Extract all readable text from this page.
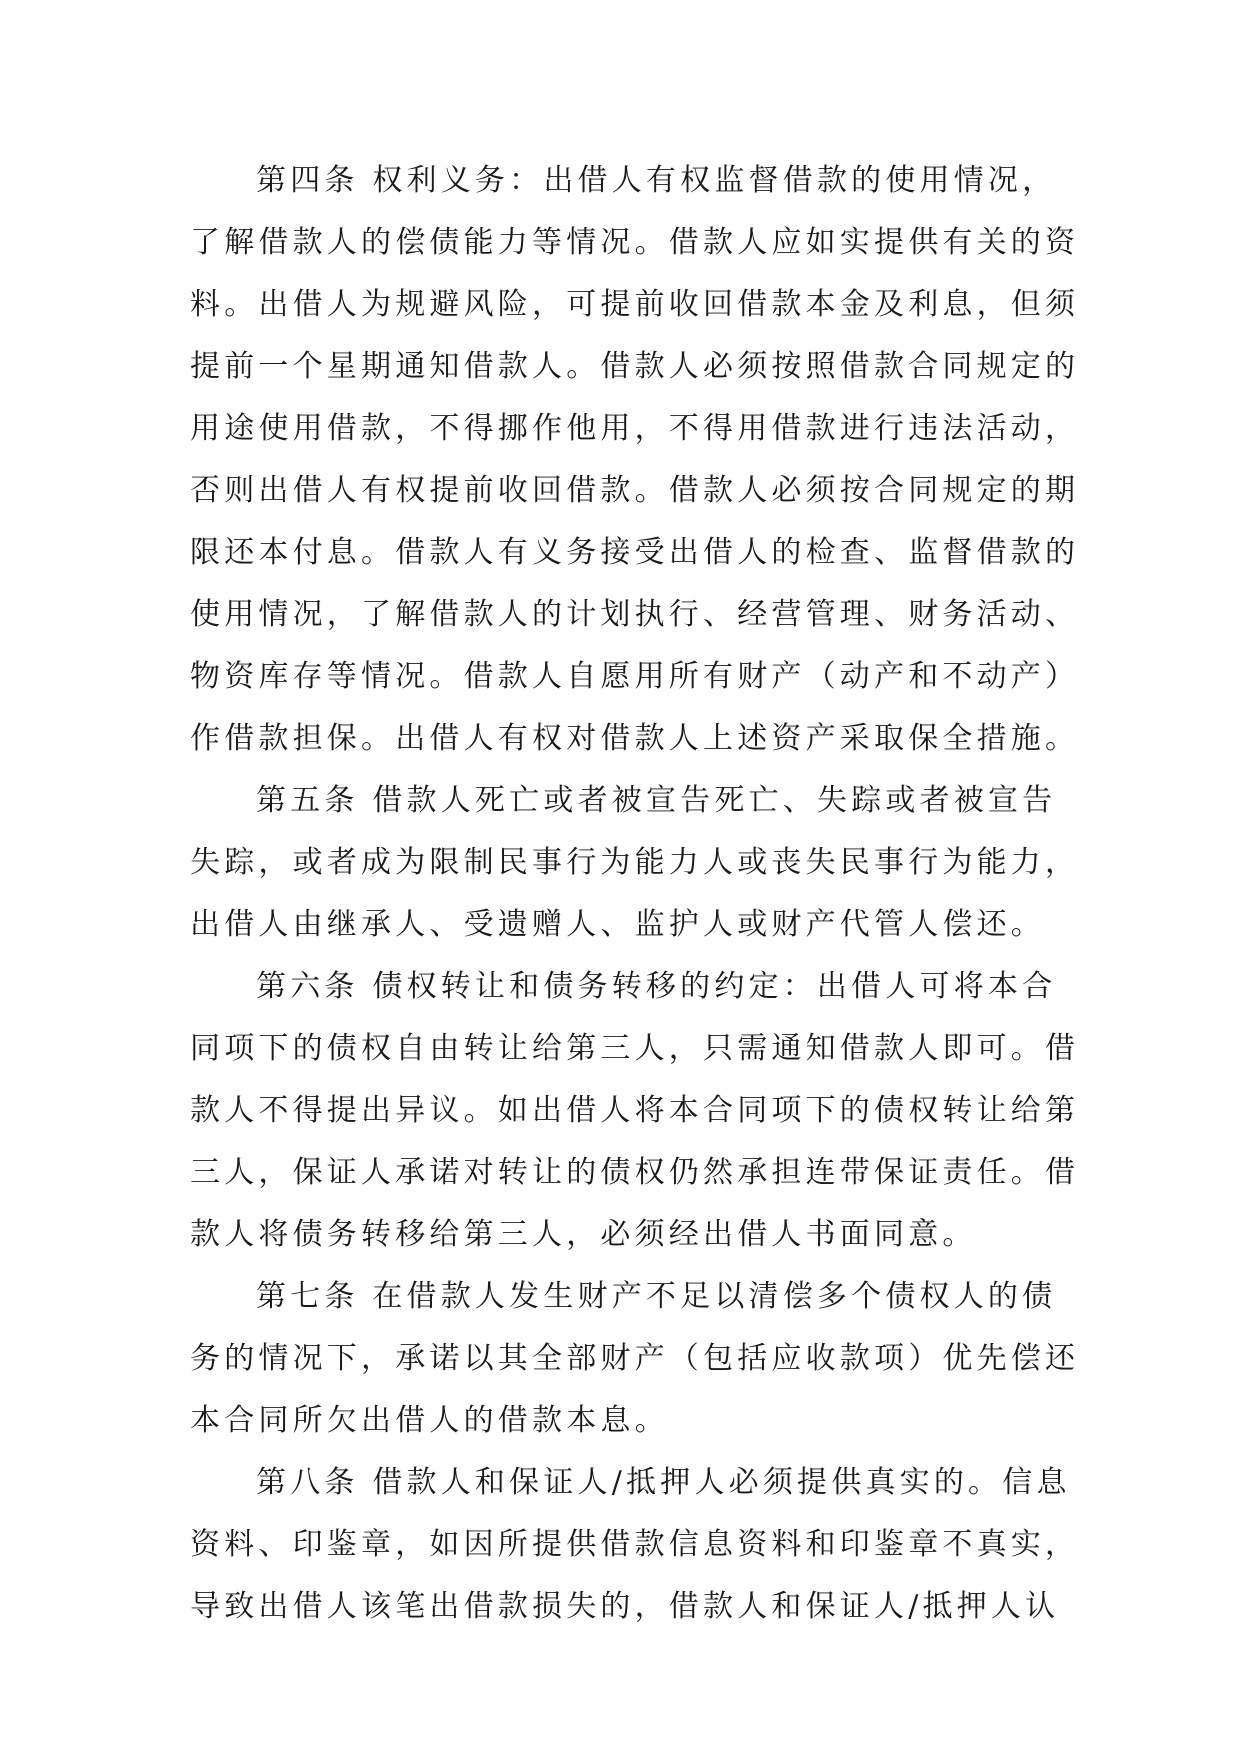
第四条 权利义务：出借人有权监督借款的使用情况，
了解借款人的偿债能力等情况。借款人应如实提供有关的资
料。出借人为规避风险，可提前收回借款本金及利息，但须
提前一个星期通知借款人。借款人必须按照借款合同规定的
用途使用借款，不得挪作他用，不得用借款进行违法活动，
否则出借人有权提前收回借款。借款人必须按合同规定的期
限还本付息。借款人有义务接受出借人的检查、监督借款的
使用情况，了解借款人的计划执行、经营管理、财务活动、
物资库存等情况。借款人自愿用所有财产（动产和不动产）
作借款担保。出借人有权对借款人上述资产采取保全措施。
第五条 借款人死亡或者被宣告死亡、失踪或者被宣告
失踪，或者成为限制民事行为能力人或丧失民事行为能力，
出借人由继承人、受遗赠人、监护人或财产代管人偿还。
第六条 债权转让和债务转移的约定：出借人可将本合
同项下的债权自由转让给第三人，只需通知借款人即可。借
款人不得提出异议。如出借人将本合同项下的债权转让给第
三人，保证人承诺对转让的债权仍然承担连带保证责任。借
款人将债务转移给第三人，必须经出借人书面同意。
第七条 在借款人发生财产不足以清偿多个债权人的债
务的情况下，承诺以其全部财产（包括应收款项）优先偿还
本合同所欠出借人的借款本息。
第八条 借款人和保证人/抵押人必须提供真实的。信息
资料、印鉴章，如因所提供借款信息资料和印鉴章不真实，
导致出借人该笔出借款损失的，借款人和保证人/抵押人认
